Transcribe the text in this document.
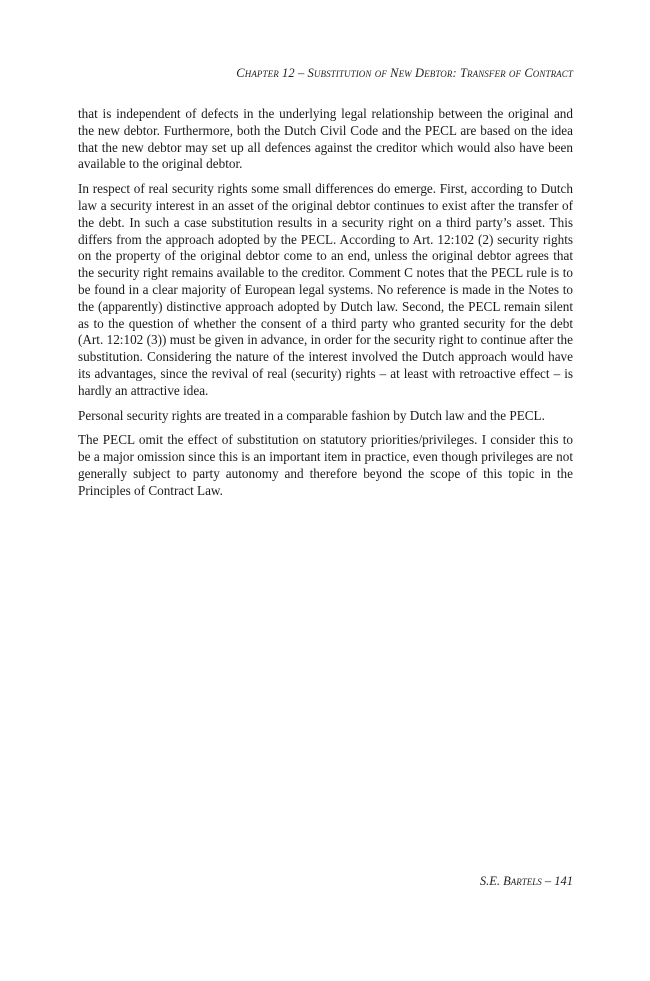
Chapter 12 – Substitution of New Debtor: Transfer of Contract

that is independent of defects in the underlying legal relationship between the original and the new debtor. Furthermore, both the Dutch Civil Code and the PECL are based on the idea that the new debtor may set up all defences against the creditor which would also have been available to the original debtor.

In respect of real security rights some small differences do emerge. First, according to Dutch law a security interest in an asset of the original debtor continues to exist after the transfer of the debt. In such a case substitution results in a security right on a third party’s asset. This differs from the approach adopted by the PECL. According to Art. 12:102 (2) security rights on the property of the original debtor come to an end, unless the original debtor agrees that the security right remains available to the creditor. Comment C notes that the PECL rule is to be found in a clear majority of European legal systems. No reference is made in the Notes to the (apparently) distinctive approach adopted by Dutch law. Second, the PECL remain silent as to the question of whether the consent of a third party who granted security for the debt (Art. 12:102 (3)) must be given in advance, in order for the security right to continue after the substitution. Considering the nature of the interest involved the Dutch approach would have its advantages, since the revival of real (security) rights – at least with retroactive effect – is hardly an attractive idea.

Personal security rights are treated in a comparable fashion by Dutch law and the PECL.

The PECL omit the effect of substitution on statutory priorities/privileges. I consider this to be a major omission since this is an important item in practice, even though privileges are not generally subject to party autonomy and therefore beyond the scope of this topic in the Principles of Contract Law.

S.E. Bartels – 141
